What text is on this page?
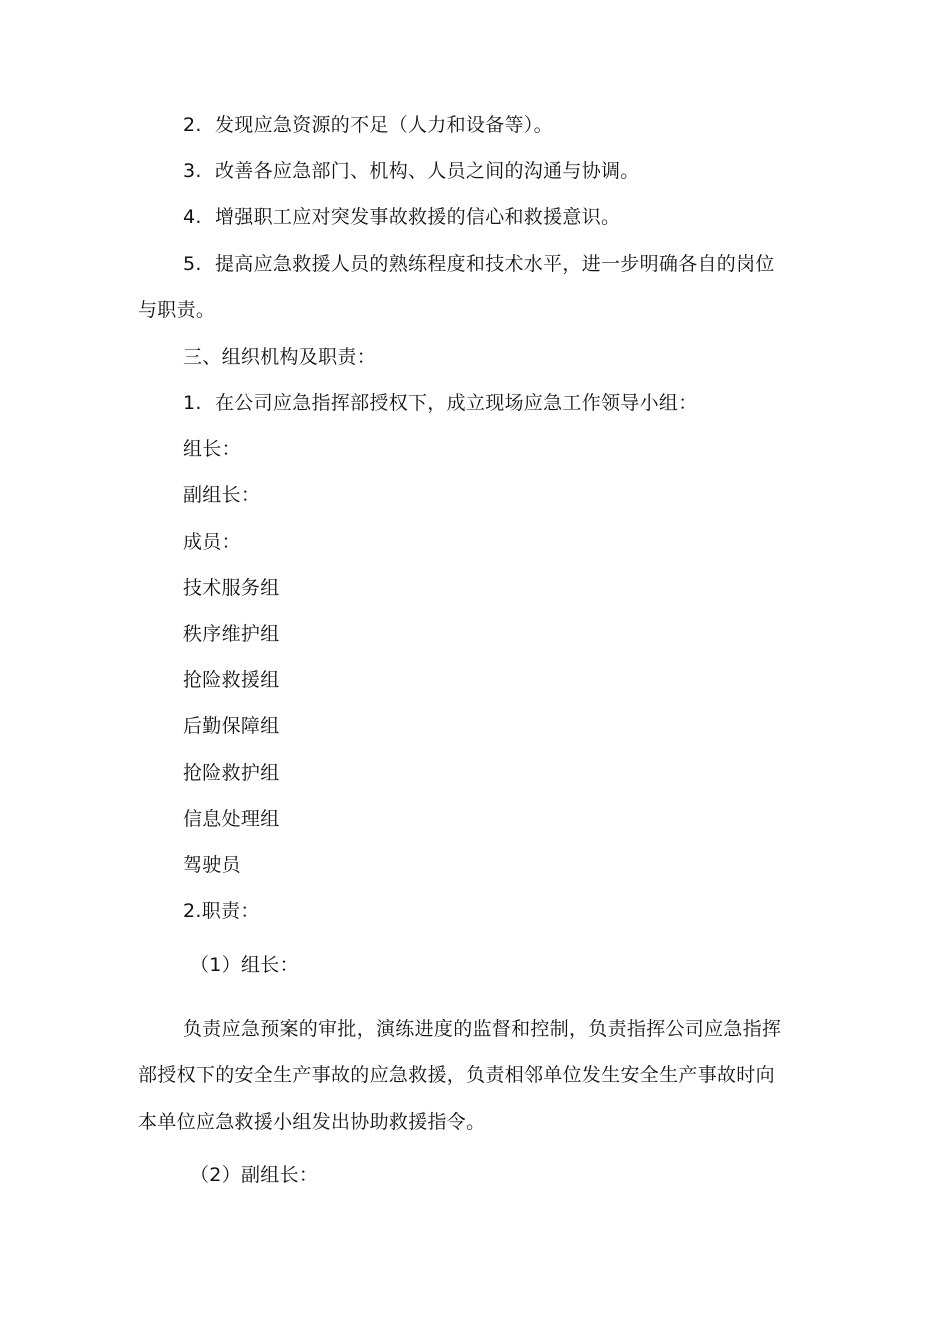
2. 发现应急资源的不足（人力和设备等）。
3. 改善各应急部门、机构、人员之间的沟通与协调。
4. 增强职工应对突发事故救援的信心和救援意识。
5. 提高应急救援人员的熟练程度和技术水平，进一步明确各自的岗位
与职责。
三、组织机构及职责：
1. 在公司应急指挥部授权下，成立现场应急工作领导小组：
组长：
副组长：
成员：
技术服务组
秩序维护组
抢险救援组
后勤保障组
抢险救护组
信息处理组
驾驶员
2.职责：
（1）组长：
负责应急预案的审批，演练进度的监督和控制，负责指挥公司应急指挥
部授权下的安全生产事故的应急救援，负责相邻单位发生安全生产事故时向
本单位应急救援小组发出协助救援指令。
（2）副组长：
